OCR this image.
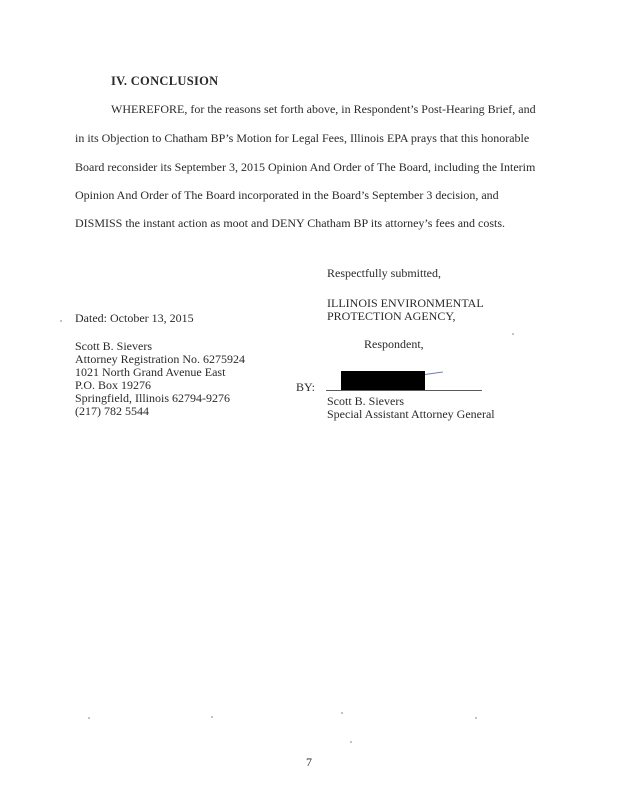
IV. CONCLUSION
WHEREFORE, for the reasons set forth above, in Respondent’s Post-Hearing Brief, and
in its Objection to Chatham BP’s Motion for Legal Fees, Illinois EPA prays that this honorable
Board reconsider its September 3, 2015 Opinion And Order of The Board, including the Interim
Opinion And Order of The Board incorporated in the Board’s September 3 decision, and
DISMISS the instant action as moot and DENY Chatham BP its attorney’s fees and costs.
Respectfully submitted,
ILLINOIS ENVIRONMENTAL
PROTECTION AGENCY,
Dated: October 13, 2015
Respondent,
Scott B. Sievers
Attorney Registration No. 6275924
1021 North Grand Avenue East
P.O. Box 19276
Springfield, Illinois 62794-9276
(217) 782 5544
BY:
Scott B. Sievers
Special Assistant Attorney General
7
